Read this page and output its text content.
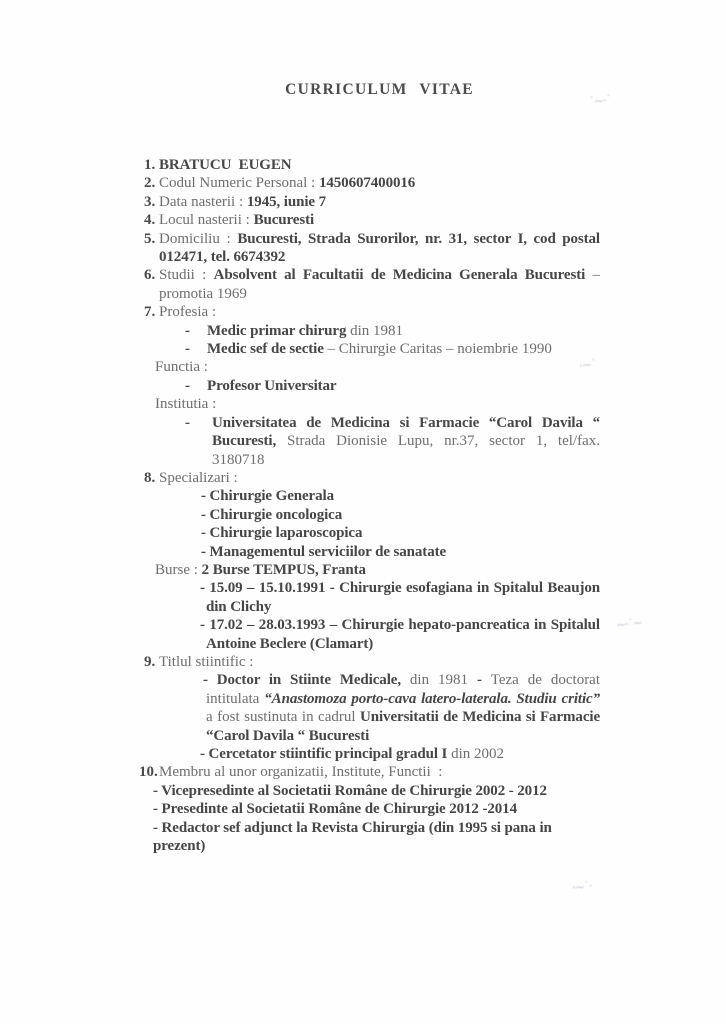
CURRICULUM VITAE
1. BRATUCU  EUGEN
2. Codul Numeric Personal : 1450607400016
3. Data nasterii : 1945, iunie 7
4. Locul nasterii : Bucuresti
5. Domiciliu : Bucuresti, Strada Surorilor, nr. 31, sector I, cod postal 012471, tel. 6674392
6. Studii : Absolvent al Facultatii de Medicina Generala Bucuresti – promotia 1969
7. Profesia :
-	Medic primar chirurg din 1981
-	Medic sef de sectie – Chirurgie Caritas – noiembrie 1990
Functia :
-	Profesor Universitar
Institutia :
-	Universitatea de Medicina si Farmacie “Carol Davila “ Bucuresti, Strada Dionisie Lupu, nr.37, sector 1, tel/fax. 3180718
8. Specializari :
- Chirurgie Generala
- Chirurgie oncologica
- Chirurgie laparoscopica
- Managementul serviciilor de sanatate
Burse : 2 Burse TEMPUS, Franta
- 15.09 – 15.10.1991 - Chirurgie esofagiana in Spitalul Beaujon din Clichy
- 17.02 – 28.03.1993 – Chirurgie hepato-pancreatica in Spitalul Antoine Beclere (Clamart)
9. Titlul stiintific :
- Doctor in Stiinte Medicale, din 1981 - Teza de doctorat intitulata “Anastomoza porto-cava latero-laterala. Studiu critic” a fost sustinuta in cadrul Universitatii de Medicina si Farmacie “Carol Davila “ Bucuresti
- Cercetator stiintific principal gradul I din 2002
10. Membru al unor organizatii, Institute, Functii  :
- Vicepresedinte al Societatii Române de Chirurgie 2002 - 2012
- Presedinte al Societatii Române de Chirurgie 2012 -2014
- Redactor sef adjunct la Revista Chirurgia (din 1995 si pana in prezent)
˙~·˙
·~˙
~·˙~
·~˙·
